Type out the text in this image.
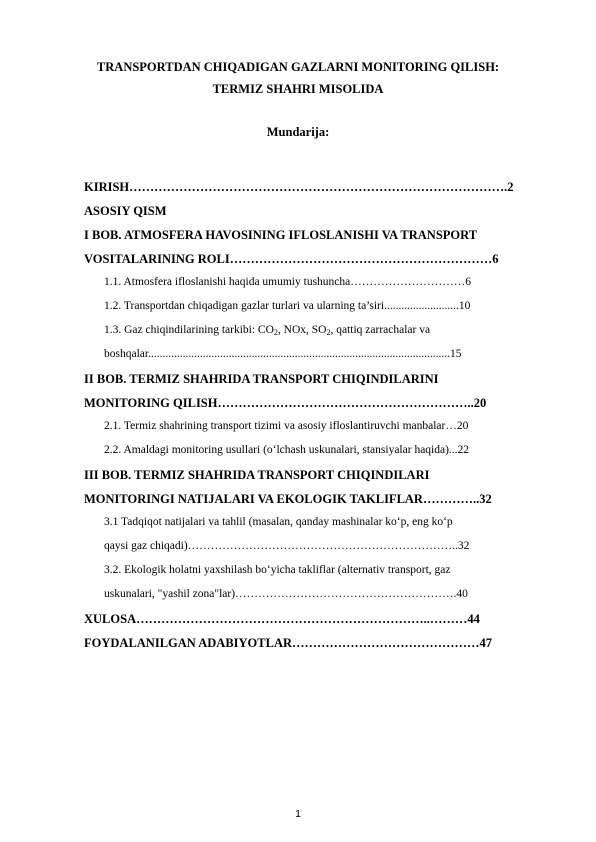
TRANSPORTDAN CHIQADIGAN GAZLARNI MONITORING QILISH:
TERMIZ SHAHRI MISOLIDA
Mundarija:
KIRISH……………………………………………………………………………….2
ASOSIY QISM
I BOB. ATMOSFERA HAVOSINING IFLOSLANISHI VA TRANSPORT
VOSITALARINING ROLI………………………………………………………6
1.1. Atmosfera ifloslanishi haqida umumiy tushuncha…………………………6
1.2. Transportdan chiqadigan gazlar turlari va ularning ta’siri..........................10
1.3. Gaz chiqindilarining tarkibi: $CO_2$, NOx, $SO_2$, qattiq zarrachalar va
boshqalar.........................................................................................................15
II BOB. TERMIZ SHAHRIDA TRANSPORT CHIQINDILARINI
MONITORING QILISH……………………………………………………..20
2.1. Termiz shahrining transport tizimi va asosiy ifloslantiruvchi manbalar…20
2.2. Amaldagi monitoring usullari (o‘lchash uskunalari, stansiyalar haqida)...22
III BOB. TERMIZ SHAHRIDA TRANSPORT CHIQINDILARI
MONITORINGI NATIJALARI VA EKOLOGIK TAKLIFLAR…………..32
3.1 Tadqiqot natijalari va tahlil (masalan, qanday mashinalar ko‘p, eng ko‘p
qaysi gaz chiqadi)……………………………………………………………..32
3.2. Ekologik holatni yaxshilash bo‘yicha takliflar (alternativ transport, gaz
uskunalari, "yashil zona"lar)………………………………………………….40
XULOSA……………………………………………………………..………44
FOYDALANILGAN ADABIYOTLAR………………………………………47
1
